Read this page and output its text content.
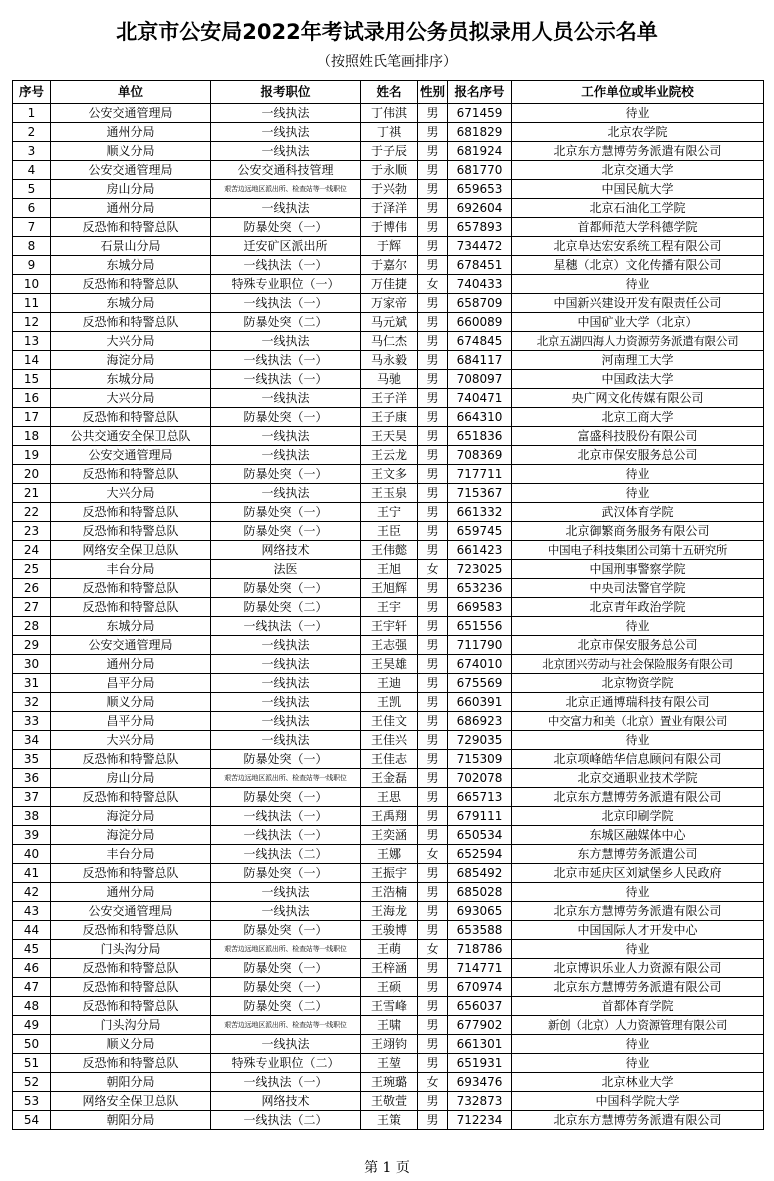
北京市公安局2022年考试录用公务员拟录用人员公示名单
（按照姓氏笔画排序）
序号	单位	报考职位	姓名	性别	报名序号	工作单位或毕业院校
1	公安交通管理局	一线执法	丁伟淇	男	671459	待业
2	通州分局	一线执法	丁祺	男	681829	北京农学院
3	顺义分局	一线执法	于子辰	男	681924	北京东方慧博劳务派遣有限公司
4	公安交通管理局	公安交通科技管理	于永顺	男	681770	北京交通大学
5	房山分局	艰苦边远地区派出所、检查站等一线职位	于兴勃	男	659653	中国民航大学
6	通州分局	一线执法	于泽洋	男	692604	北京石油化工学院
7	反恐怖和特警总队	防暴处突（一）	于博伟	男	657893	首都师范大学科德学院
8	石景山分局	迁安矿区派出所	于辉	男	734472	北京阜达宏安系统工程有限公司
9	东城分局	一线执法（一）	于嘉尔	男	678451	星穗（北京）文化传播有限公司
10	反恐怖和特警总队	特殊专业职位（一）	万佳捷	女	740433	待业
11	东城分局	一线执法（一）	万家帝	男	658709	中国新兴建设开发有限责任公司
12	反恐怖和特警总队	防暴处突（二）	马元斌	男	660089	中国矿业大学（北京）
13	大兴分局	一线执法	马仁杰	男	674845	北京五湖四海人力资源劳务派遣有限公司
14	海淀分局	一线执法（一）	马永毅	男	684117	河南理工大学
15	东城分局	一线执法（一）	马驰	男	708097	中国政法大学
16	大兴分局	一线执法	王子洋	男	740471	央广网文化传媒有限公司
17	反恐怖和特警总队	防暴处突（一）	王子康	男	664310	北京工商大学
18	公共交通安全保卫总队	一线执法	王天昊	男	651836	富盛科技股份有限公司
19	公安交通管理局	一线执法	王云龙	男	708369	北京市保安服务总公司
20	反恐怖和特警总队	防暴处突（一）	王文多	男	717711	待业
21	大兴分局	一线执法	王玉泉	男	715367	待业
22	反恐怖和特警总队	防暴处突（一）	王宁	男	661332	武汉体育学院
23	反恐怖和特警总队	防暴处突（一）	王臣	男	659745	北京御繁商务服务有限公司
24	网络安全保卫总队	网络技术	王伟懿	男	661423	中国电子科技集团公司第十五研究所
25	丰台分局	法医	王旭	女	723025	中国刑事警察学院
26	反恐怖和特警总队	防暴处突（一）	王旭辉	男	653236	中央司法警官学院
27	反恐怖和特警总队	防暴处突（二）	王宇	男	669583	北京青年政治学院
28	东城分局	一线执法（一）	王宇轩	男	651556	待业
29	公安交通管理局	一线执法	王志强	男	711790	北京市保安服务总公司
30	通州分局	一线执法	王昊雄	男	674010	北京团兴劳动与社会保险服务有限公司
31	昌平分局	一线执法	王迪	男	675569	北京物资学院
32	顺义分局	一线执法	王凯	男	660391	北京正通博瑞科技有限公司
33	昌平分局	一线执法	王佳文	男	686923	中交富力和美（北京）置业有限公司
34	大兴分局	一线执法	王佳兴	男	729035	待业
35	反恐怖和特警总队	防暴处突（一）	王佳志	男	715309	北京项峰皓华信息顾问有限公司
36	房山分局	艰苦边远地区派出所、检查站等一线职位	王金磊	男	702078	北京交通职业技术学院
37	反恐怖和特警总队	防暴处突（一）	王思	男	665713	北京东方慧博劳务派遣有限公司
38	海淀分局	一线执法（一）	王禹翔	男	679111	北京印刷学院
39	海淀分局	一线执法（一）	王奕涵	男	650534	东城区融媒体中心
40	丰台分局	一线执法（二）	王娜	女	652594	东方慧博劳务派遣公司
41	反恐怖和特警总队	防暴处突（一）	王振宇	男	685492	北京市延庆区刘斌堡乡人民政府
42	通州分局	一线执法	王浩楠	男	685028	待业
43	公安交通管理局	一线执法	王海龙	男	693065	北京东方慧博劳务派遣有限公司
44	反恐怖和特警总队	防暴处突（一）	王骏博	男	653588	中国国际人才开发中心
45	门头沟分局	艰苦边远地区派出所、检查站等一线职位	王萌	女	718786	待业
46	反恐怖和特警总队	防暴处突（一）	王梓涵	男	714771	北京博识乐业人力资源有限公司
47	反恐怖和特警总队	防暴处突（一）	王硕	男	670974	北京东方慧博劳务派遣有限公司
48	反恐怖和特警总队	防暴处突（二）	王雪峰	男	656037	首都体育学院
49	门头沟分局	艰苦边远地区派出所、检查站等一线职位	王啸	男	677902	新创（北京）人力资源管理有限公司
50	顺义分局	一线执法	王翊钧	男	661301	待业
51	反恐怖和特警总队	特殊专业职位（二）	王堃	男	651931	待业
52	朝阳分局	一线执法（一）	王琬璐	女	693476	北京林业大学
53	网络安全保卫总队	网络技术	王敬萱	男	732873	中国科学院大学
54	朝阳分局	一线执法（二）	王策	男	712234	北京东方慧博劳务派遣有限公司
第 1 页
